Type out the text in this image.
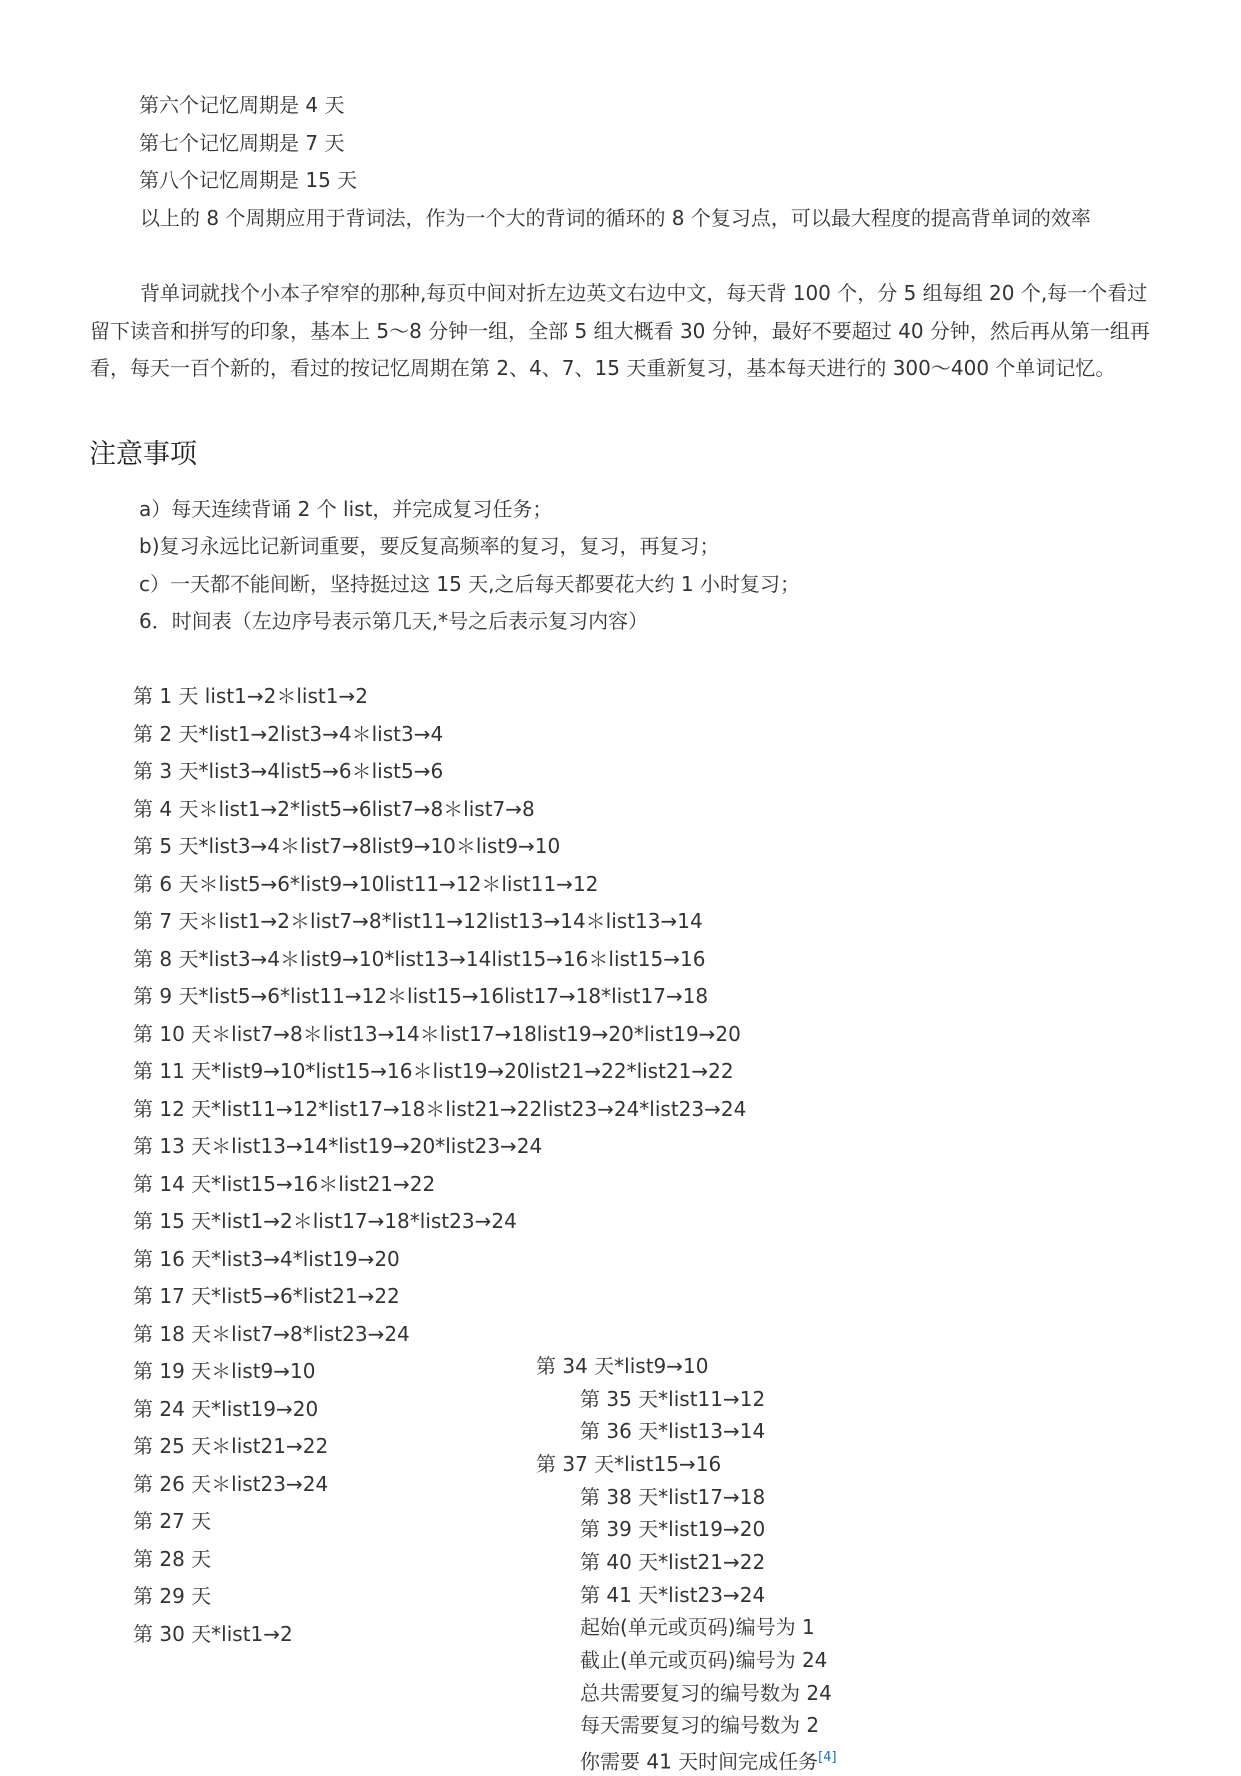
第六个记忆周期是 4 天

第七个记忆周期是 7 天

第八个记忆周期是 15 天

以上的 8 个周期应用于背词法，作为一个大的背词的循环的 8 个复习点，可以最大程度的提高背单词的效率

背单词就找个小本子窄窄的那种,每页中间对折左边英文右边中文，每天背 100 个，分 5 组每组 20 个,每一个看过留下读音和拼写的印象，基本上 5～8 分钟一组，全部 5 组大概看 30 分钟，最好不要超过 40 分钟，然后再从第一组再看，每天一百个新的，看过的按记忆周期在第 2、4、7、15 天重新复习，基本每天进行的 300～400 个单词记忆。

注意事项

a）每天连续背诵 2 个 list，并完成复习任务；

b)复习永远比记新词重要，要反复高频率的复习，复习，再复习；

c）一天都不能间断，坚持挺过这 15 天,之后每天都要花大约 1 小时复习；

6．时间表（左边序号表示第几天,*号之后表示复习内容）

第 1 天 list1→2＊list1→2

第 2 天*list1→2list3→4＊list3→4

第 3 天*list3→4list5→6＊list5→6

第 4 天＊list1→2*list5→6list7→8＊list7→8

第 5 天*list3→4＊list7→8list9→10＊list9→10

第 6 天＊list5→6*list9→10list11→12＊list11→12

第 7 天＊list1→2＊list7→8*list11→12list13→14＊list13→14

第 8 天*list3→4＊list9→10*list13→14list15→16＊list15→16

第 9 天*list5→6*list11→12＊list15→16list17→18*list17→18

第 10 天＊list7→8＊list13→14＊list17→18list19→20*list19→20

第 11 天*list9→10*list15→16＊list19→20list21→22*list21→22

第 12 天*list11→12*list17→18＊list21→22list23→24*list23→24

第 13 天＊list13→14*list19→20*list23→24

第 14 天*list15→16＊list21→22

第 15 天*list1→2＊list17→18*list23→24

第 16 天*list3→4*list19→20

第 17 天*list5→6*list21→22

第 18 天＊list7→8*list23→24

第 19 天＊list9→10

第 24 天*list19→20

第 25 天＊list21→22

第 26 天＊list23→24

第 27 天

第 28 天

第 29 天

第 30 天*list1→2

第 34 天*list9→10

第 35 天*list11→12

第 36 天*list13→14

第 37 天*list15→16

第 38 天*list17→18

第 39 天*list19→20

第 40 天*list21→22

第 41 天*list23→24

起始(单元或页码)编号为 1

截止(单元或页码)编号为 24

总共需要复习的编号数为 24

每天需要复习的编号数为 2

你需要 41 天时间完成任务[4]
